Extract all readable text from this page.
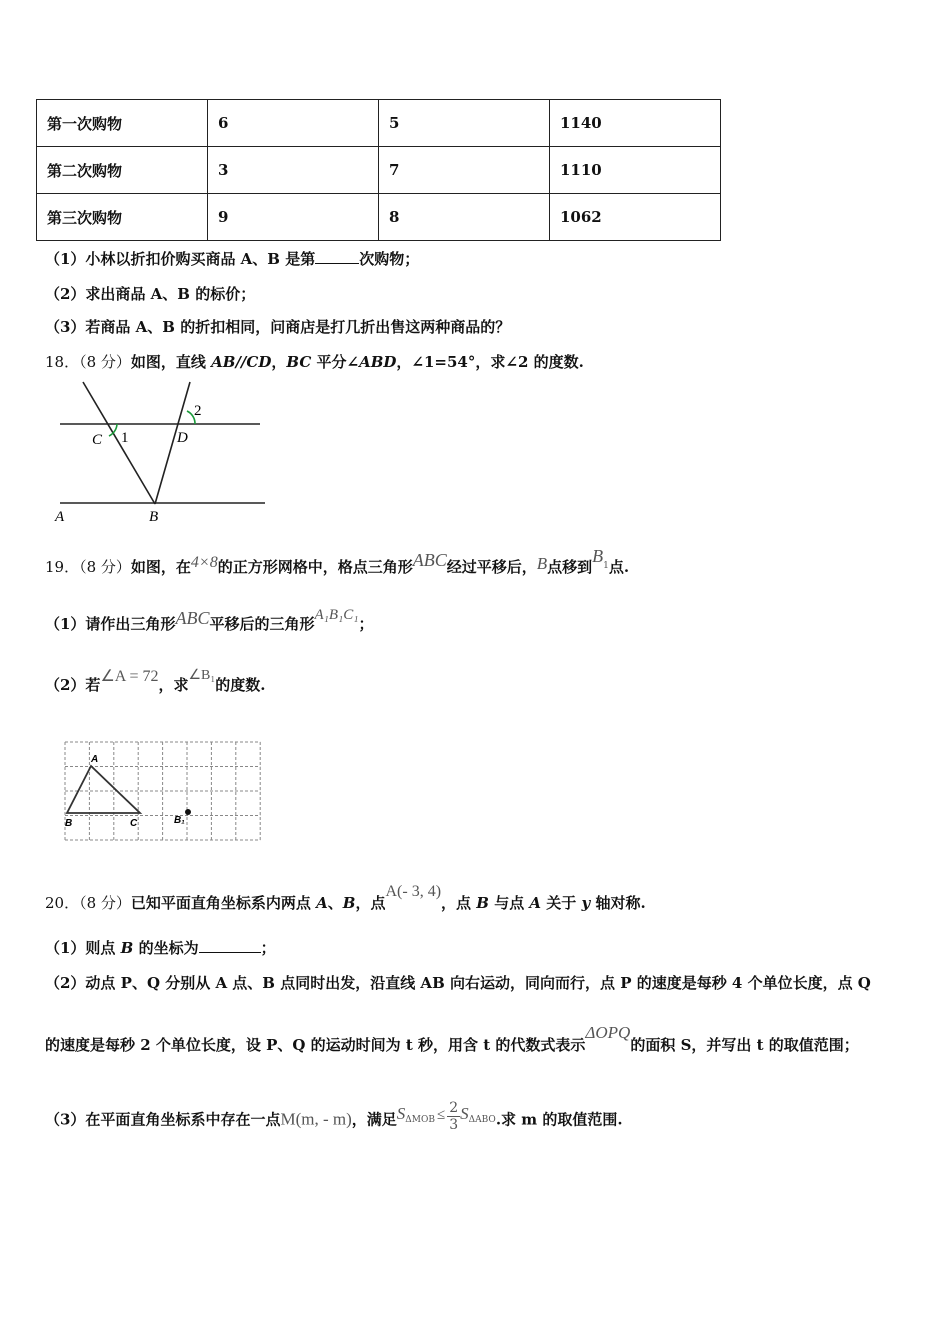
第一次购物	6	5	1140
第二次购物	3	7	1110
第三次购物	9	8	1062
（1）小林以折扣价购买商品 A、B 是第	次购物；
（2）求出商品 A、B 的标价；
（3）若商品 A、B 的折扣相同，问商店是打几折出售这两种商品的？
18．（8 分）如图，直线 AB//CD，BC 平分∠ABD，∠1=54°，求∠2 的度数.
C 1	D
2
A	B
19．（8 分）如图，在4×8的正方形网格中，格点三角形ABC经过平移后，B点移到$B^1$点.
（1）请作出三角形ABC平移后的三角形A₁B₁C₁；
（2）若∠A = 72，求∠B₁的度数.
A
B	C	B₁
20．（8 分）已知平面直角坐标系内两点 A、B，点A(- 3, 4)，点 B 与点 A 关于 y 轴对称.
（1）则点 B 的坐标为	；
（2）动点 P、Q 分别从 A 点、B 点同时出发，沿直线 AB 向右运动，同向而行，点 P 的速度是每秒 4 个单位长度，点 Q
的速度是每秒 2 个单位长度，设 P、Q 的运动时间为 t 秒，用含 t 的代数式表示ΔOPQ的面积 S，并写出 t 的取值范围；
（3）在平面直角坐标系中存在一点M(m, - m)，满足$S^{\Delta MOB} \le \frac{2}{3} S^{\Delta ABO}$.求 m 的取值范围.
